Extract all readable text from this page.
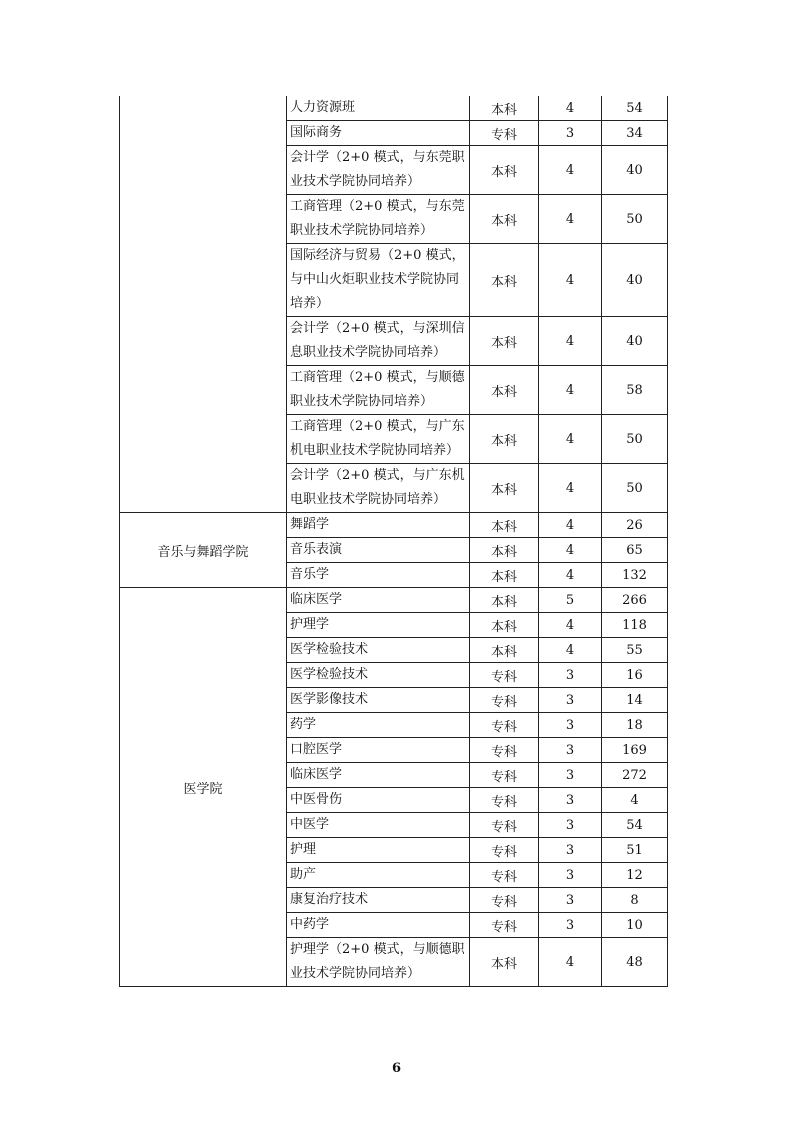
	人力资源班	本科	4	54
	国际商务	专科	3	34
	会计学（2+0 模式，与东莞职业技术学院协同培养）	本科	4	40
	工商管理（2+0 模式，与东莞职业技术学院协同培养）	本科	4	50
	国际经济与贸易（2+0 模式，与中山火炬职业技术学院协同培养）	本科	4	40
	会计学（2+0 模式，与深圳信息职业技术学院协同培养）	本科	4	40
	工商管理（2+0 模式，与顺德职业技术学院协同培养）	本科	4	58
	工商管理（2+0 模式，与广东机电职业技术学院协同培养）	本科	4	50
	会计学（2+0 模式，与广东机电职业技术学院协同培养）	本科	4	50
音乐与舞蹈学院	舞蹈学	本科	4	26
	音乐表演	本科	4	65
	音乐学	本科	4	132
医学院	临床医学	本科	5	266
	护理学	本科	4	118
	医学检验技术	本科	4	55
	医学检验技术	专科	3	16
	医学影像技术	专科	3	14
	药学	专科	3	18
	口腔医学	专科	3	169
	临床医学	专科	3	272
	中医骨伤	专科	3	4
	中医学	专科	3	54
	护理	专科	3	51
	助产	专科	3	12
	康复治疗技术	专科	3	8
	中药学	专科	3	10
	护理学（2+0 模式，与顺德职业技术学院协同培养）	本科	4	48
6
